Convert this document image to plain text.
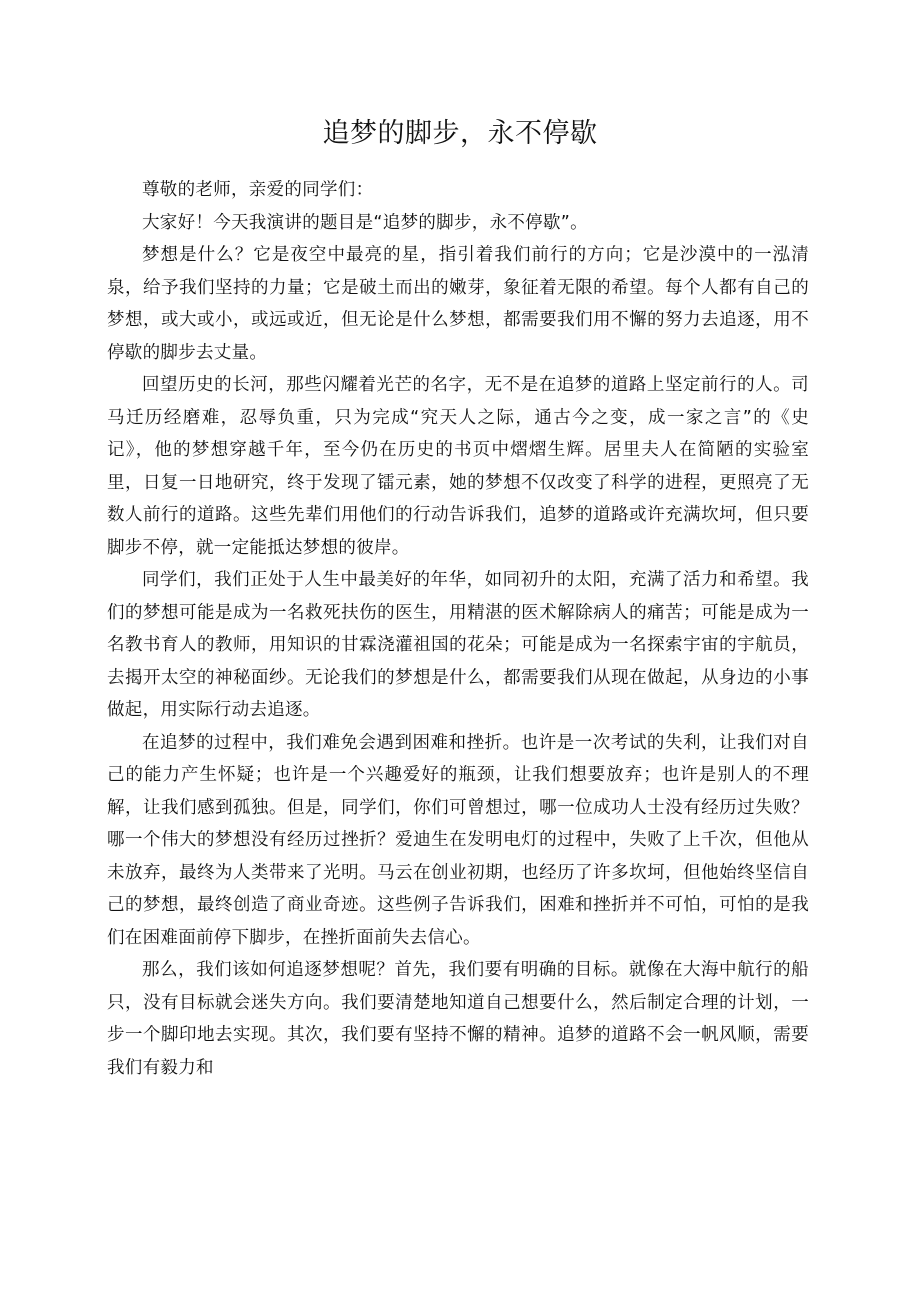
追梦的脚步，永不停歇

尊敬的老师，亲爱的同学们：

大家好！今天我演讲的题目是“追梦的脚步，永不停歇”。

梦想是什么？它是夜空中最亮的星，指引着我们前行的方向；它是沙漠中的一泓清泉，给予我们坚持的力量；它是破土而出的嫩芽，象征着无限的希望。每个人都有自己的梦想，或大或小，或远或近，但无论是什么梦想，都需要我们用不懈的努力去追逐，用不停歇的脚步去丈量。

回望历史的长河，那些闪耀着光芒的名字，无不是在追梦的道路上坚定前行的人。司马迁历经磨难，忍辱负重，只为完成“究天人之际，通古今之变，成一家之言”的《史记》，他的梦想穿越千年，至今仍在历史的书页中熠熠生辉。居里夫人在简陋的实验室里，日复一日地研究，终于发现了镭元素，她的梦想不仅改变了科学的进程，更照亮了无数人前行的道路。这些先辈们用他们的行动告诉我们，追梦的道路或许充满坎坷，但只要脚步不停，就一定能抵达梦想的彼岸。

同学们，我们正处于人生中最美好的年华，如同初升的太阳，充满了活力和希望。我们的梦想可能是成为一名救死扶伤的医生，用精湛的医术解除病人的痛苦；可能是成为一名教书育人的教师，用知识的甘霖浇灌祖国的花朵；可能是成为一名探索宇宙的宇航员，去揭开太空的神秘面纱。无论我们的梦想是什么，都需要我们从现在做起，从身边的小事做起，用实际行动去追逐。

在追梦的过程中，我们难免会遇到困难和挫折。也许是一次考试的失利，让我们对自己的能力产生怀疑；也许是一个兴趣爱好的瓶颈，让我们想要放弃；也许是别人的不理解，让我们感到孤独。但是，同学们，你们可曾想过，哪一位成功人士没有经历过失败？哪一个伟大的梦想没有经历过挫折？爱迪生在发明电灯的过程中，失败了上千次，但他从未放弃，最终为人类带来了光明。马云在创业初期，也经历了许多坎坷，但他始终坚信自己的梦想，最终创造了商业奇迹。这些例子告诉我们，困难和挫折并不可怕，可怕的是我们在困难面前停下脚步，在挫折面前失去信心。

那么，我们该如何追逐梦想呢？首先，我们要有明确的目标。就像在大海中航行的船只，没有目标就会迷失方向。我们要清楚地知道自己想要什么，然后制定合理的计划，一步一个脚印地去实现。其次，我们要有坚持不懈的精神。追梦的道路不会一帆风顺，需要我们有毅力和
